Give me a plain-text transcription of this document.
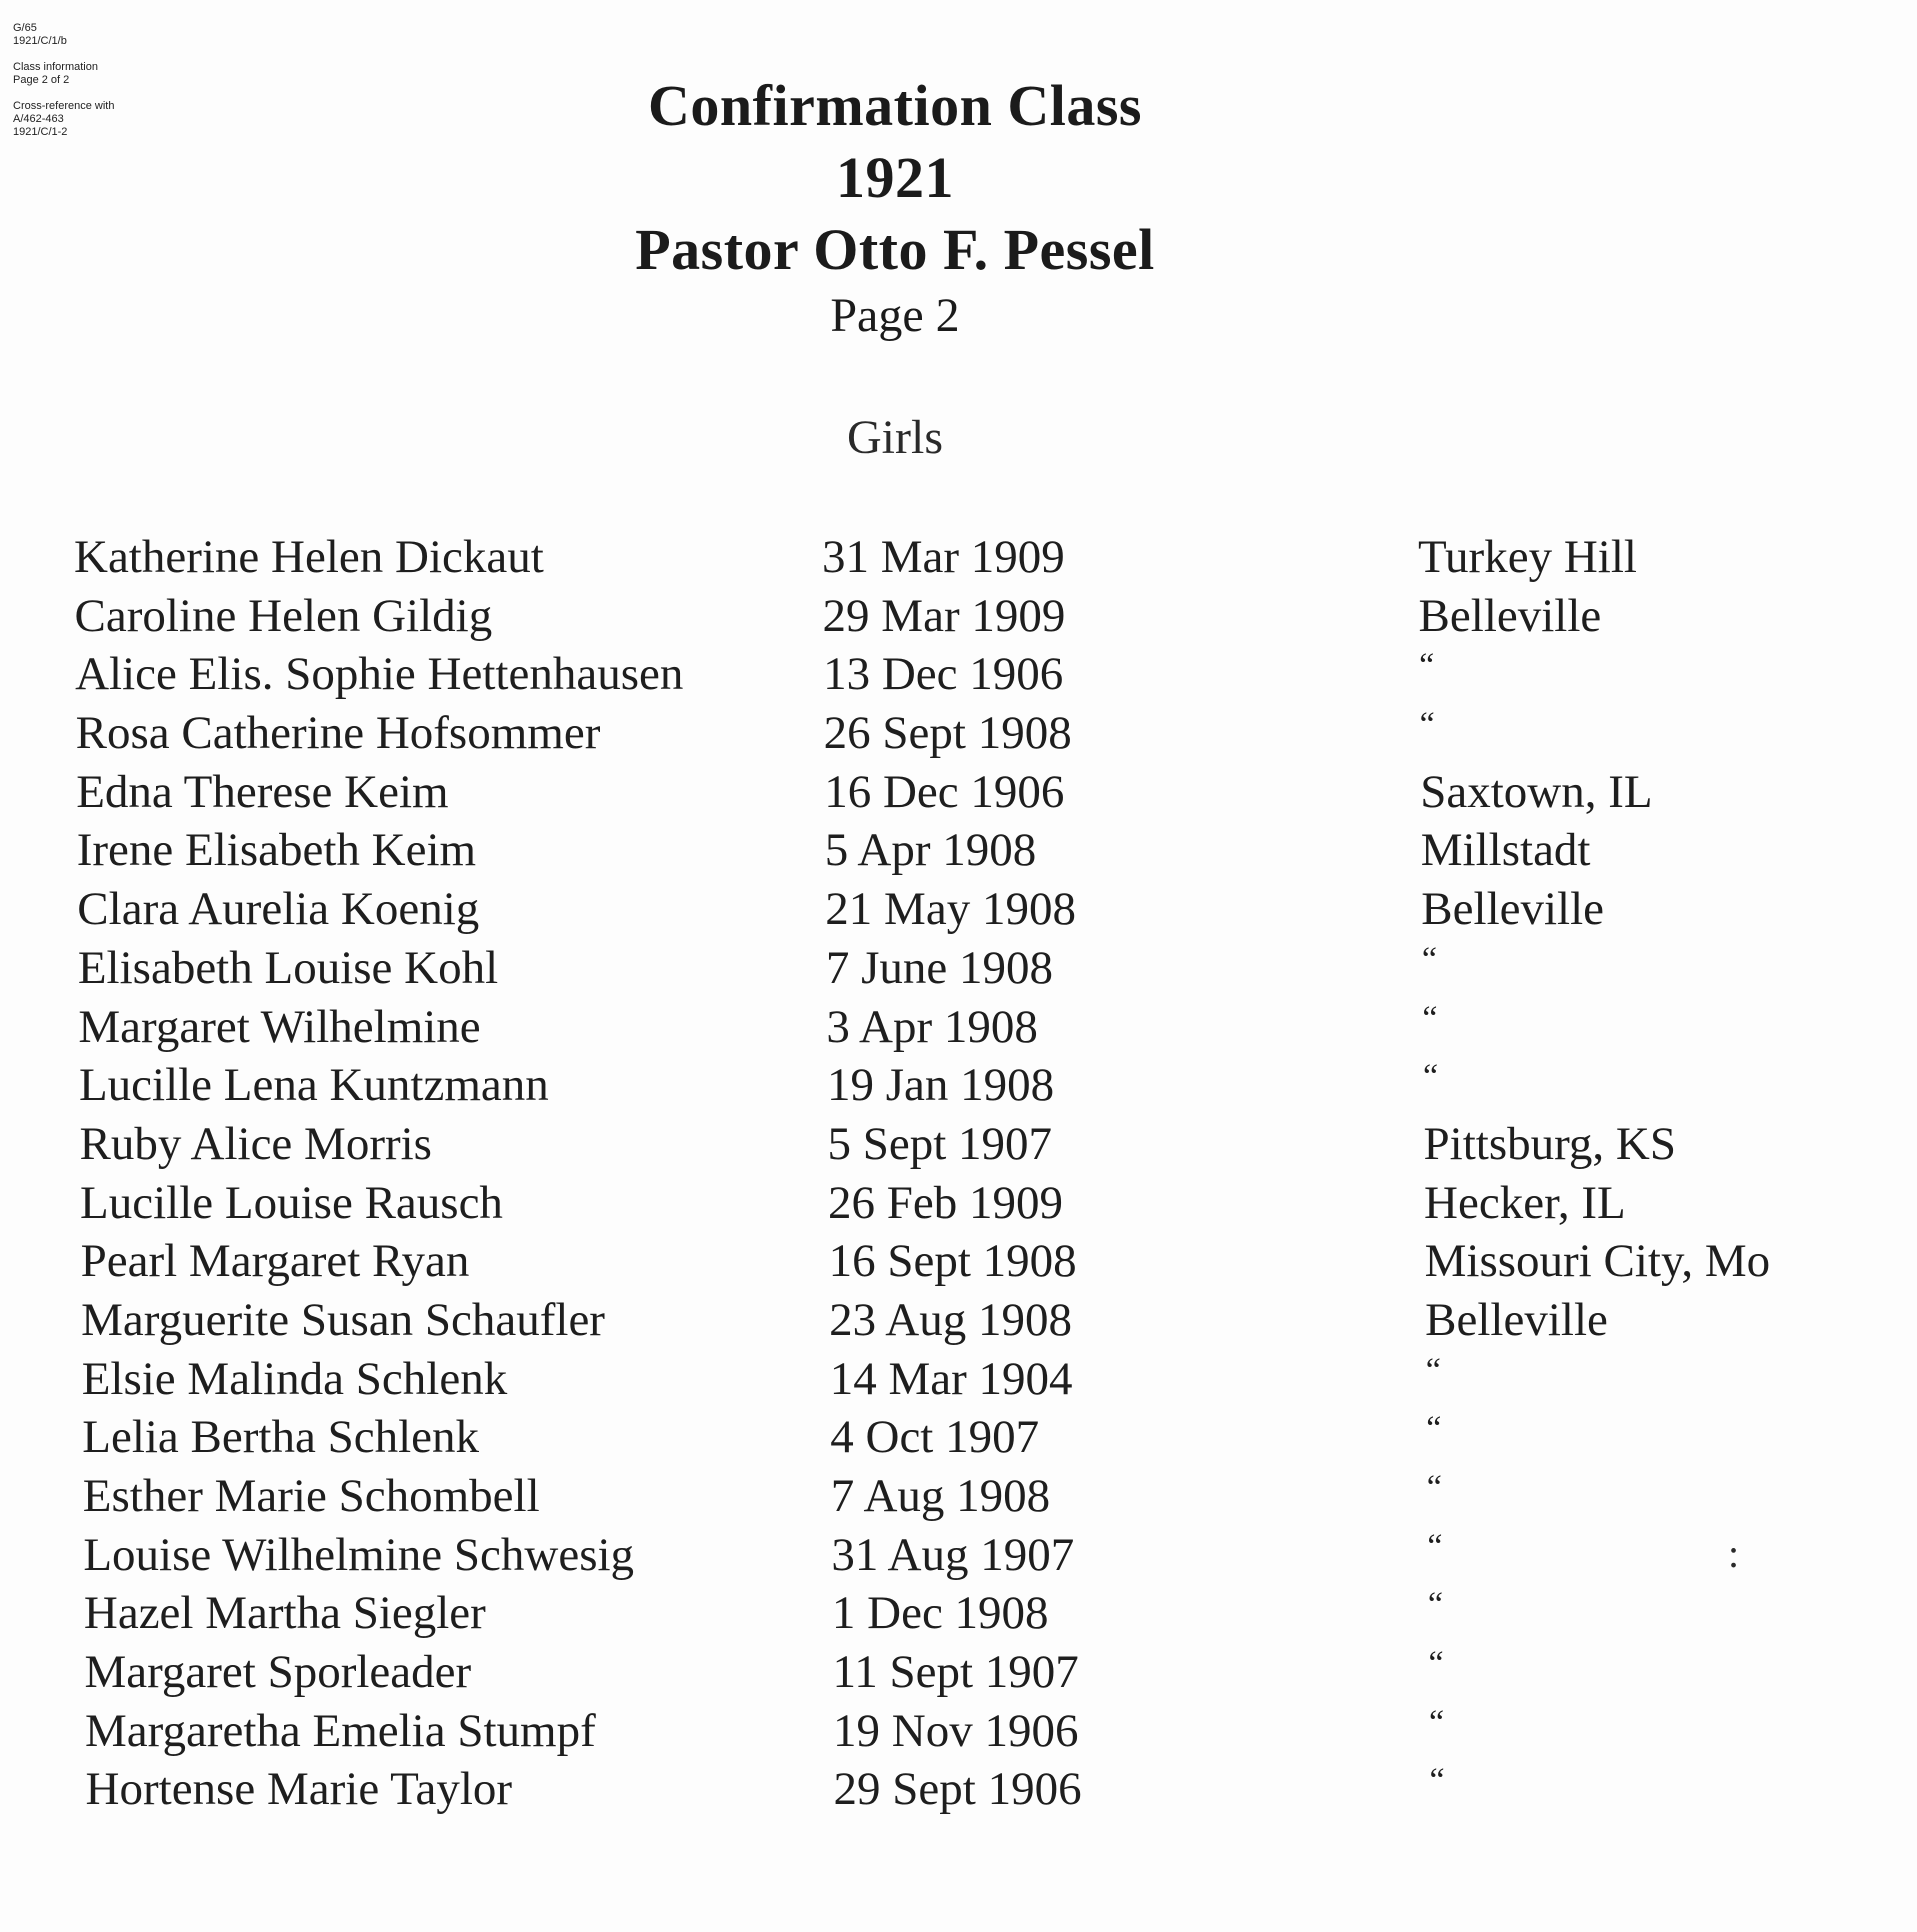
G/65
1921/C/1/b
Class information
Page 2 of 2
Cross-reference with
A/462-463
1921/C/1-2	Confirmation Class
1921
Pastor Otto F. Pessel
Page 2
Girls
Katherine Helen Dickaut	31 Mar 1909	Turkey Hill
Caroline Helen Gildig	29 Mar 1909	Belleville
Alice Elis. Sophie Hettenhausen	13 Dec 1906	“
Rosa Catherine Hofsommer	26 Sept 1908	“
Edna Therese Keim	16 Dec 1906	Saxtown, IL
Irene Elisabeth Keim	5 Apr 1908	Millstadt
Clara Aurelia Koenig	21 May 1908	Belleville
Elisabeth Louise Kohl	7 June 1908	“
Margaret Wilhelmine	3 Apr 1908	“
Lucille Lena Kuntzmann	19 Jan 1908	“
Ruby Alice Morris	5 Sept 1907	Pittsburg, KS
Lucille Louise Rausch	26 Feb 1909	Hecker, IL
Pearl Margaret Ryan	16 Sept 1908	Missouri City, Mo
Marguerite Susan Schaufler	23 Aug 1908	Belleville
Elsie Malinda Schlenk	14 Mar 1904	“
Lelia Bertha Schlenk	4 Oct 1907	“
Esther Marie Schombell	7 Aug 1908	“
Louise Wilhelmine Schwesig	31 Aug 1907	“
Hazel Martha Siegler	1 Dec 1908	“
Margaret Sporleader	11 Sept 1907	“
Margaretha Emelia Stumpf	19 Nov 1906	“
Hortense Marie Taylor	29 Sept 1906	“
:
